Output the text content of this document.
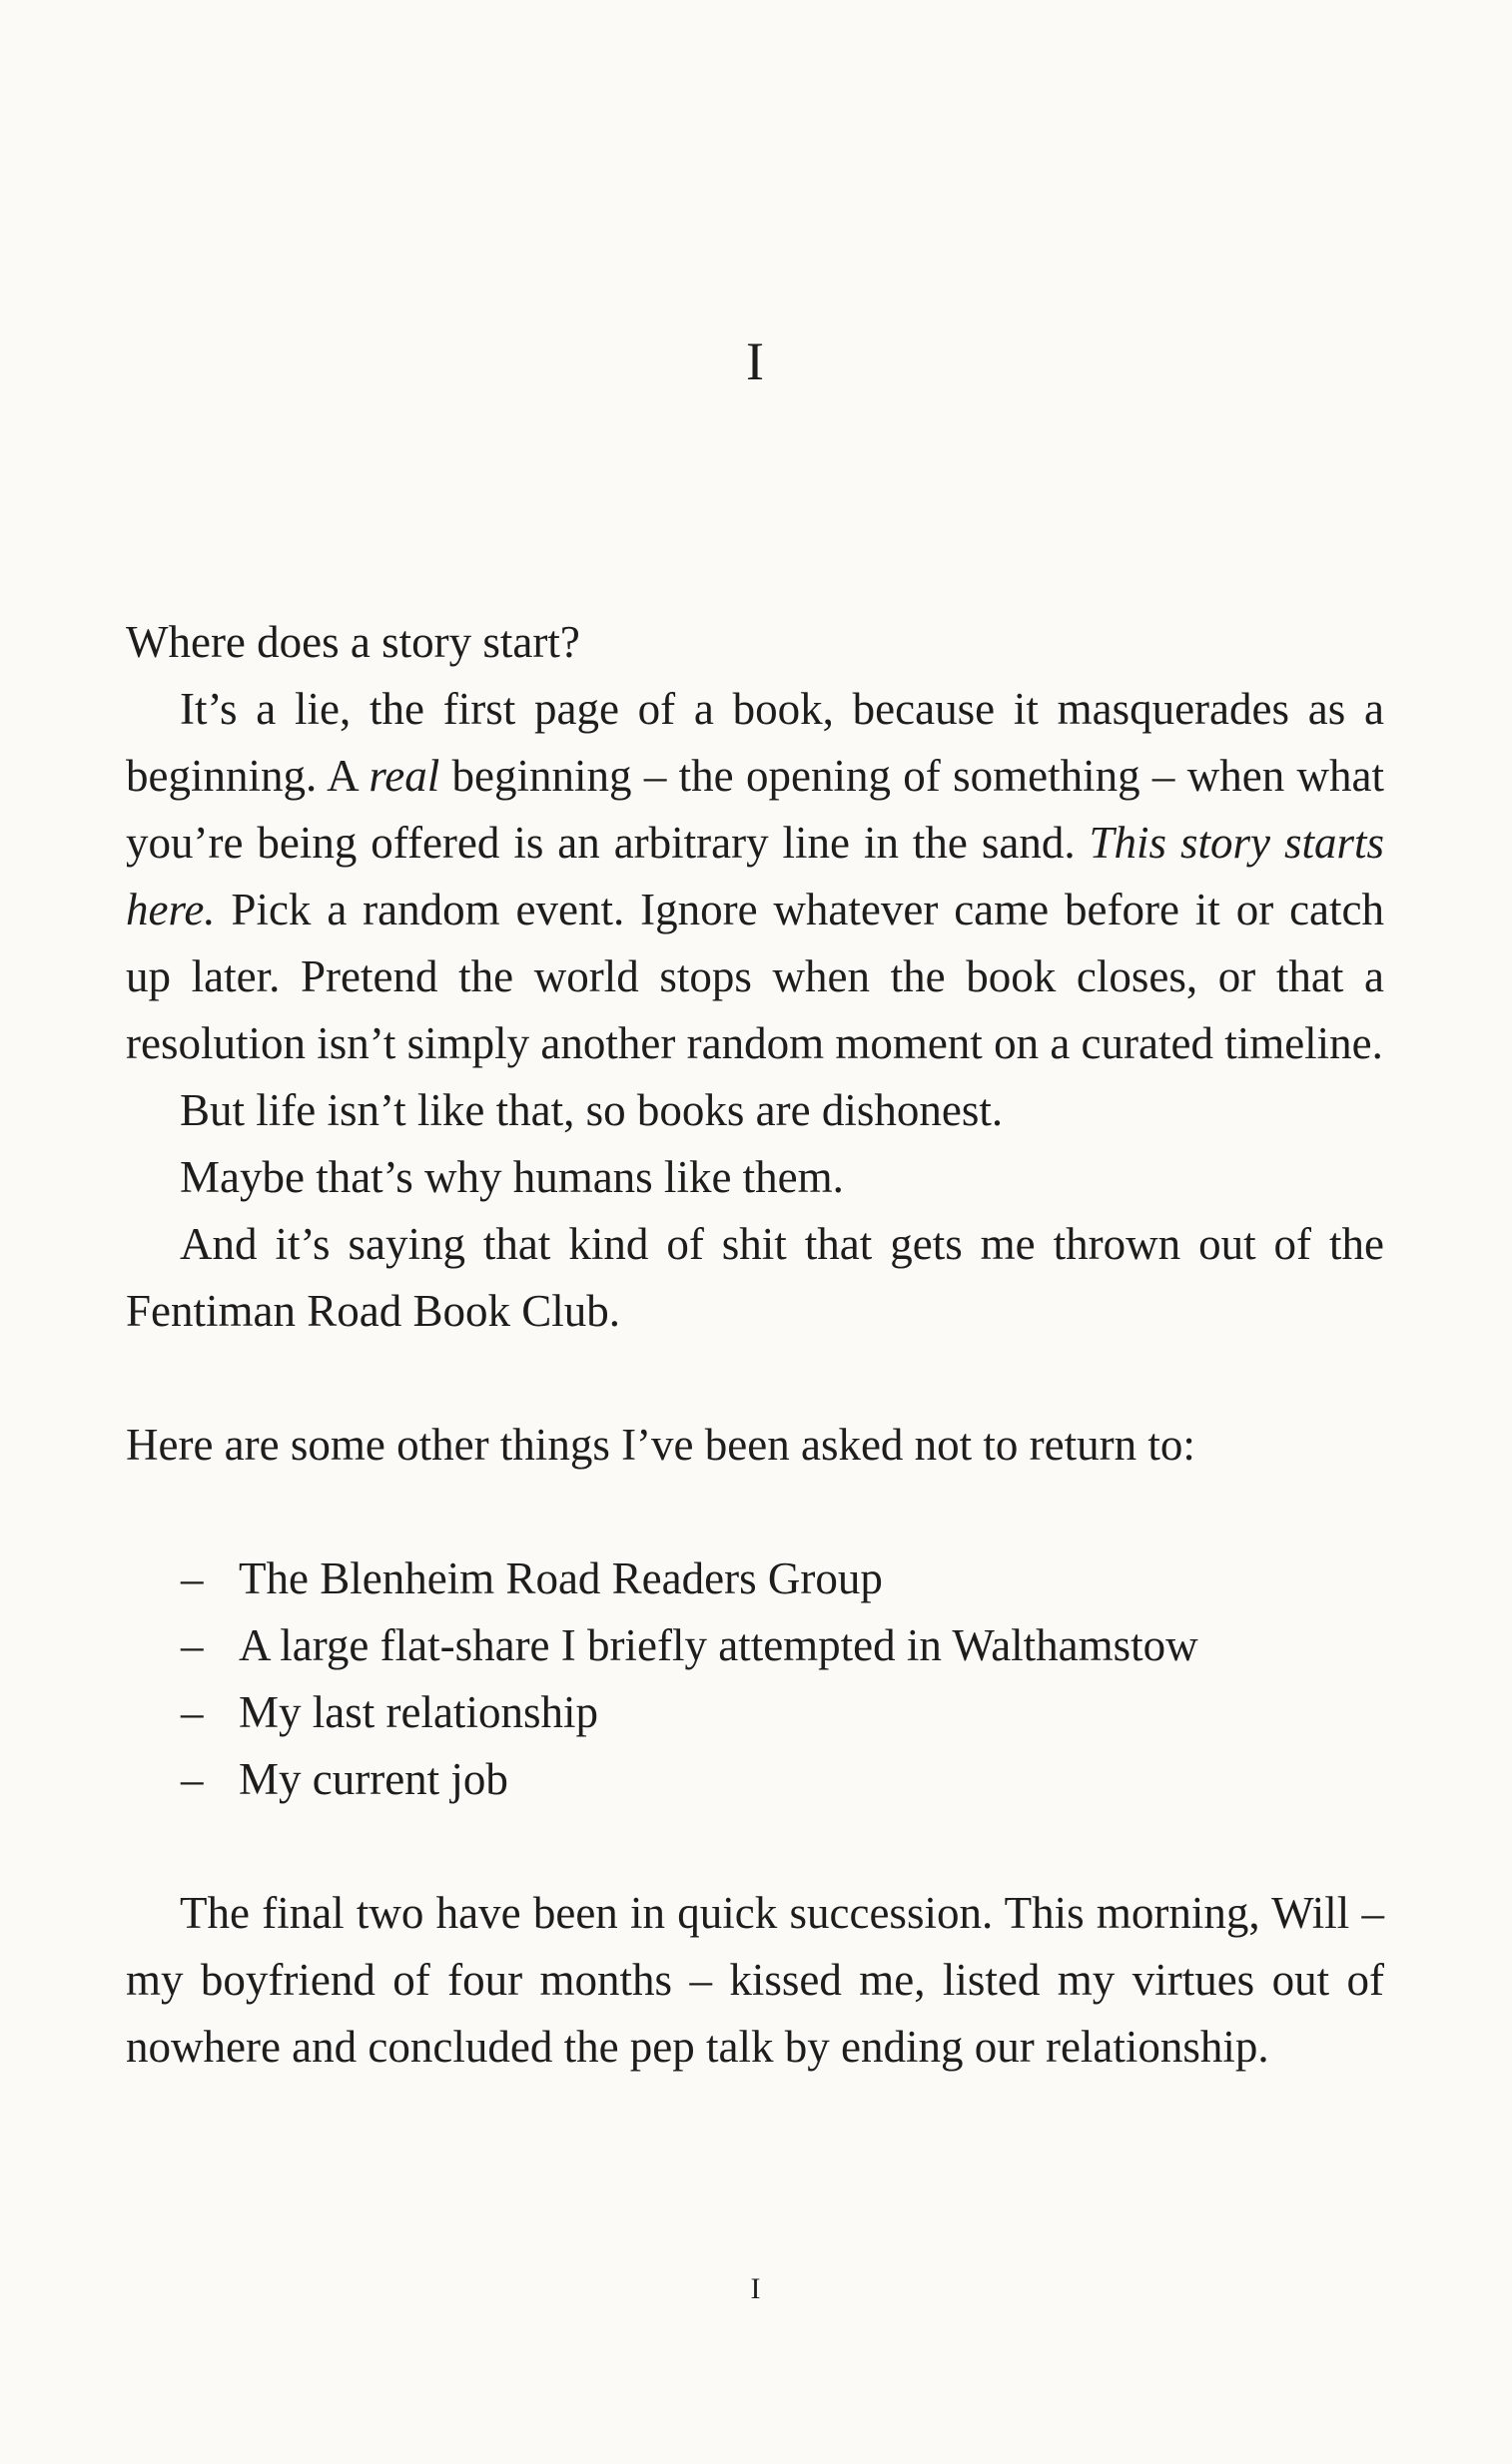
I

Where does a story start?

It’s a lie, the first page of a book, because it masquerades as a beginning. A real beginning – the opening of something – when what you’re being offered is an arbitrary line in the sand. This story starts here. Pick a random event. Ignore whatever came before it or catch up later. Pretend the world stops when the book closes, or that a resolution isn’t simply another random moment on a curated timeline.

But life isn’t like that, so books are dishonest.

Maybe that’s why humans like them.

And it’s saying that kind of shit that gets me thrown out of the Fentiman Road Book Club.

Here are some other things I’ve been asked not to return to:

– The Blenheim Road Readers Group
– A large flat-share I briefly attempted in Walthamstow
– My last relationship
– My current job

The final two have been in quick succession. This morning, Will – my boyfriend of four months – kissed me, listed my virtues out of nowhere and concluded the pep talk by ending our relationship.

I
